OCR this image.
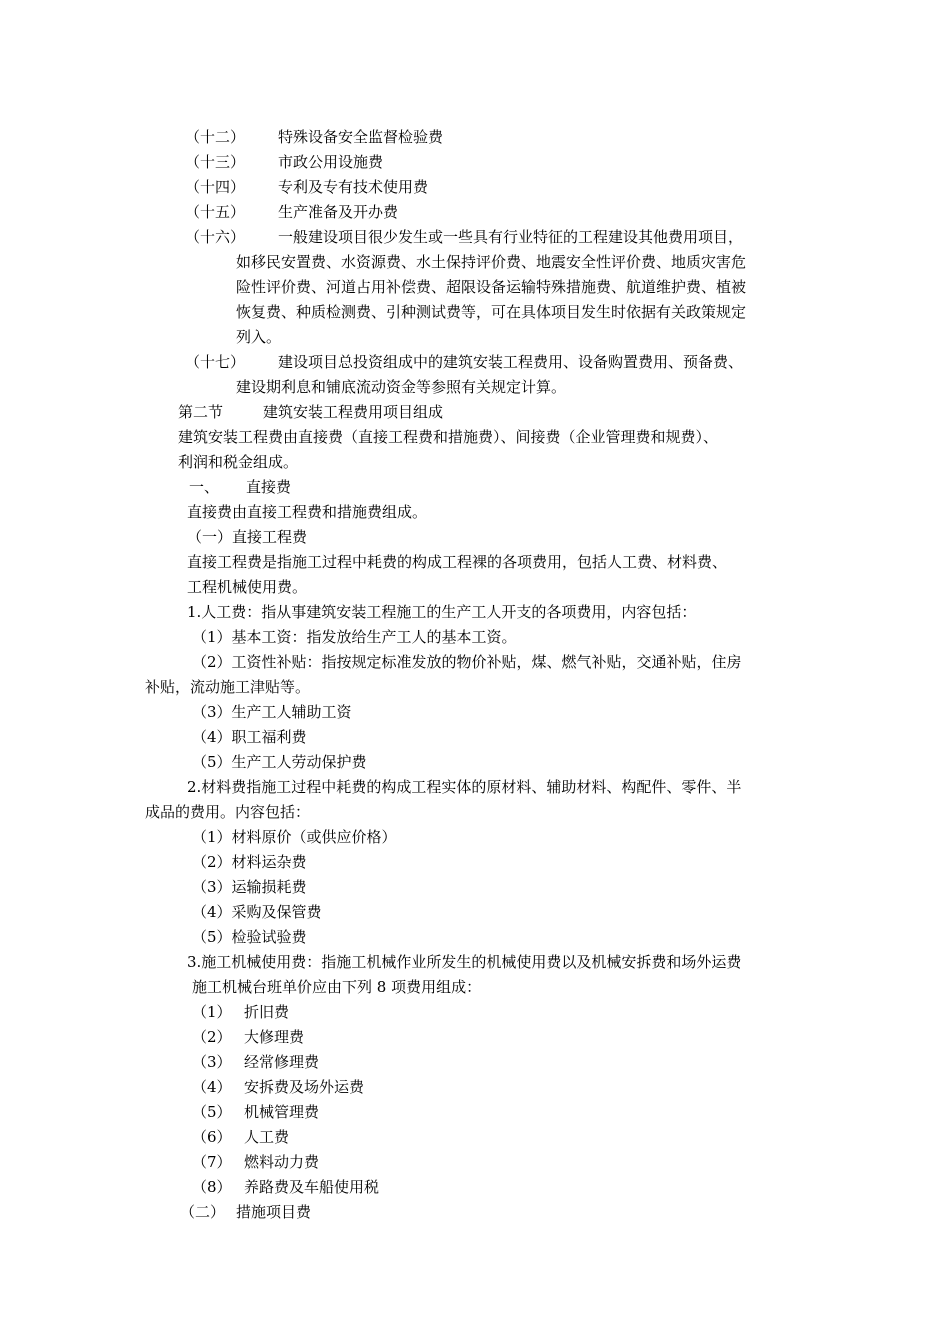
（十二） 特殊设备安全监督检验费
（十三） 市政公用设施费
（十四） 专利及专有技术使用费
（十五） 生产准备及开办费
（十六） 一般建设项目很少发生或一些具有行业特征的工程建设其他费用项目，
如移民安置费、水资源费、水土保持评价费、地震安全性评价费、地质灾害危
险性评价费、河道占用补偿费、超限设备运输特殊措施费、航道维护费、植被
恢复费、种质检测费、引种测试费等，可在具体项目发生时依据有关政策规定
列入。
（十七） 建设项目总投资组成中的建筑安装工程费用、设备购置费用、预备费、
建设期利息和铺底流动资金等参照有关规定计算。
第二节	建筑安装工程费用项目组成
建筑安装工程费由直接费（直接工程费和措施费）、间接费（企业管理费和规费）、
利润和税金组成。
一、 直接费
直接费由直接工程费和措施费组成。
（一）直接工程费
直接工程费是指施工过程中耗费的构成工程裸的各项费用，包括人工费、材料费、
工程机械使用费。
1.人工费：指从事建筑安装工程施工的生产工人开支的各项费用，内容包括：
（1）基本工资：指发放给生产工人的基本工资。
（2）工资性补贴：指按规定标准发放的物价补贴，煤、燃气补贴，交通补贴，住房
补贴，流动施工津贴等。
（3）生产工人辅助工资
（4）职工福利费
（5）生产工人劳动保护费
2.材料费指施工过程中耗费的构成工程实体的原材料、辅助材料、构配件、零件、半
成品的费用。内容包括：
（1）材料原价（或供应价格）
（2）材料运杂费
（3）运输损耗费
（4）采购及保管费
（5）检验试验费
3.施工机械使用费：指施工机械作业所发生的机械使用费以及机械安拆费和场外运费
施工机械台班单价应由下列 8 项费用组成：
（1） 折旧费
（2） 大修理费
（3） 经常修理费
（4） 安拆费及场外运费
（5） 机械管理费
（6） 人工费
（7） 燃料动力费
（8） 养路费及车船使用税
（二） 措施项目费
